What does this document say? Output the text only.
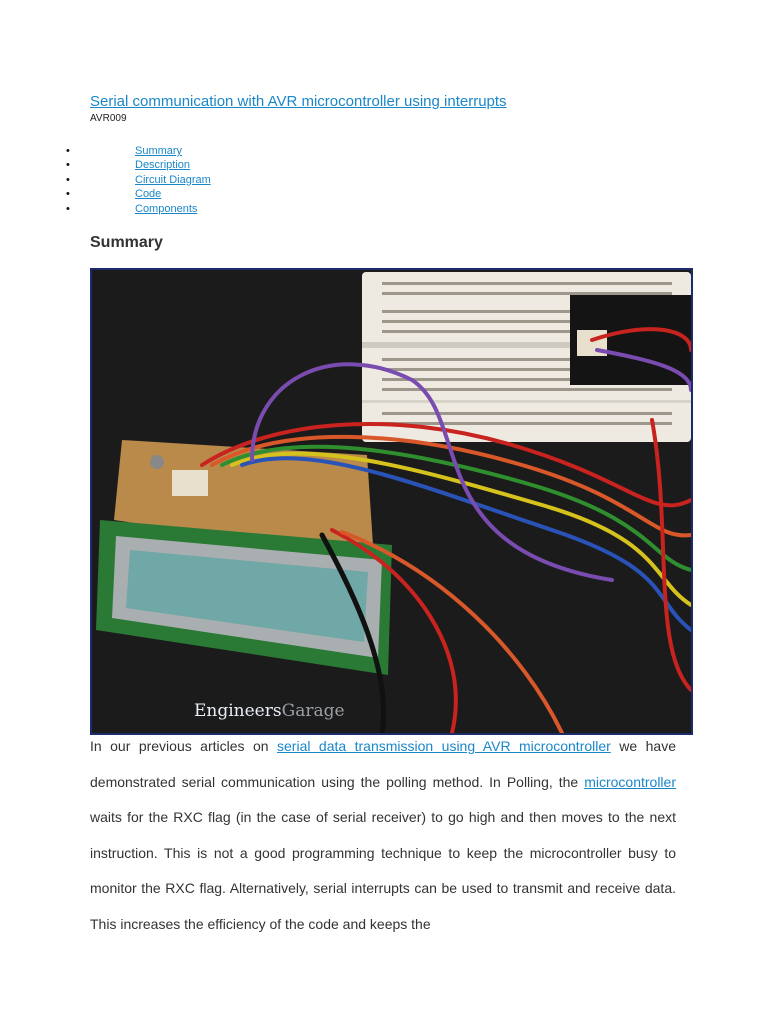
Serial communication with AVR microcontroller using interrupts
AVR009
•	Summary
•	Description
•	Circuit Diagram
•	Code
•	Components
Summary
EngineersGarage
In our previous articles on serial data transmission using AVR microcontroller we have demonstrated serial communication using the polling method. In Polling, the microcontroller waits for the RXC flag (in the case of serial receiver) to go high and then moves to the next instruction. This is not a good programming technique to keep the microcontroller busy to monitor the RXC flag. Alternatively, serial interrupts can be used to transmit and receive data. This increases the efficiency of the code and keeps the
